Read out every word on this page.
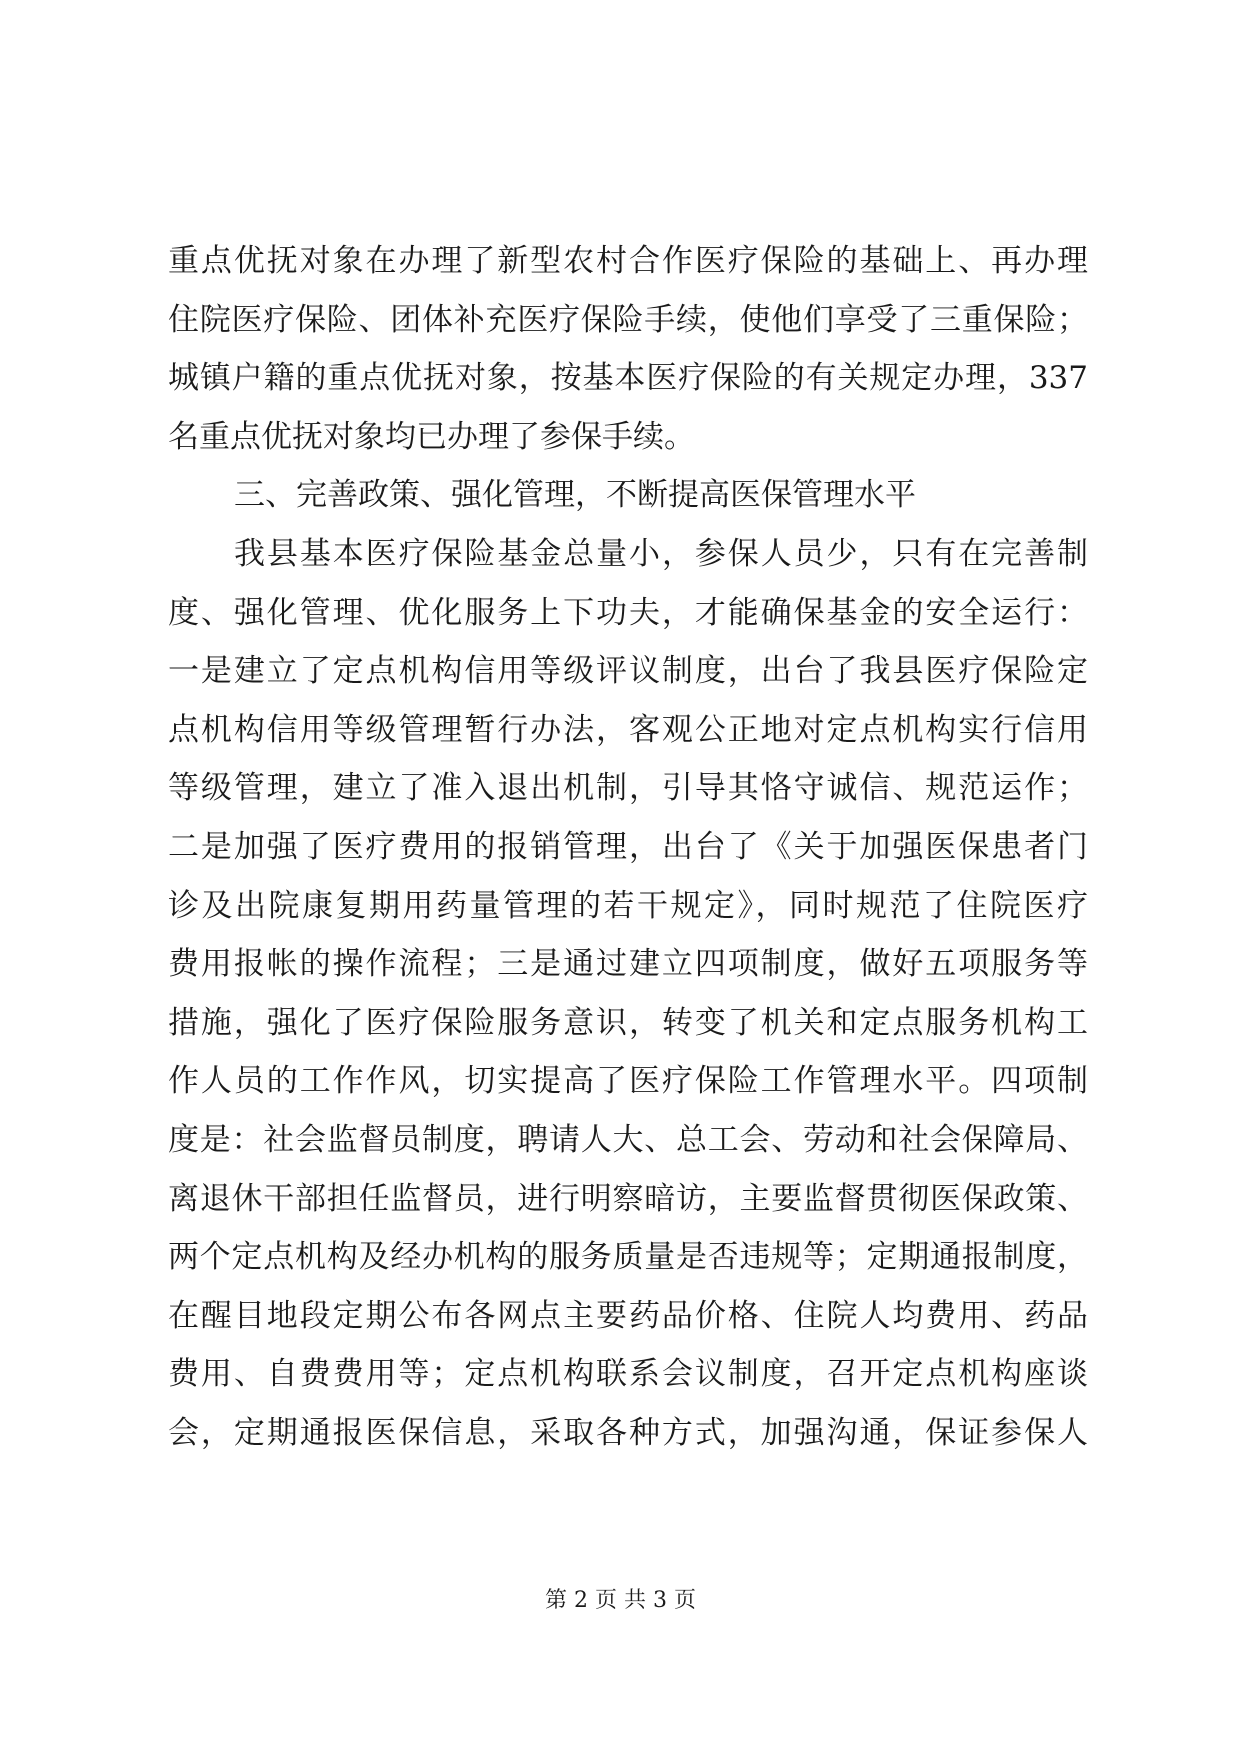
重点优抚对象在办理了新型农村合作医疗保险的基础上、再办理
住院医疗保险、团体补充医疗保险手续，使他们享受了三重保险；
城镇户籍的重点优抚对象，按基本医疗保险的有关规定办理，337
名重点优抚对象均已办理了参保手续。
三、完善政策、强化管理，不断提高医保管理水平
我县基本医疗保险基金总量小，参保人员少，只有在完善制
度、强化管理、优化服务上下功夫，才能确保基金的安全运行：
一是建立了定点机构信用等级评议制度，出台了我县医疗保险定
点机构信用等级管理暂行办法，客观公正地对定点机构实行信用
等级管理，建立了准入退出机制，引导其恪守诚信、规范运作；
二是加强了医疗费用的报销管理，出台了《关于加强医保患者门
诊及出院康复期用药量管理的若干规定》，同时规范了住院医疗
费用报帐的操作流程；三是通过建立四项制度，做好五项服务等
措施，强化了医疗保险服务意识，转变了机关和定点服务机构工
作人员的工作作风，切实提高了医疗保险工作管理水平。四项制
度是：社会监督员制度，聘请人大、总工会、劳动和社会保障局、
离退休干部担任监督员，进行明察暗访，主要监督贯彻医保政策、
两个定点机构及经办机构的服务质量是否违规等；定期通报制度，
在醒目地段定期公布各网点主要药品价格、住院人均费用、药品
费用、自费费用等；定点机构联系会议制度，召开定点机构座谈
会，定期通报医保信息，采取各种方式，加强沟通，保证参保人
第 2 页 共 3 页
